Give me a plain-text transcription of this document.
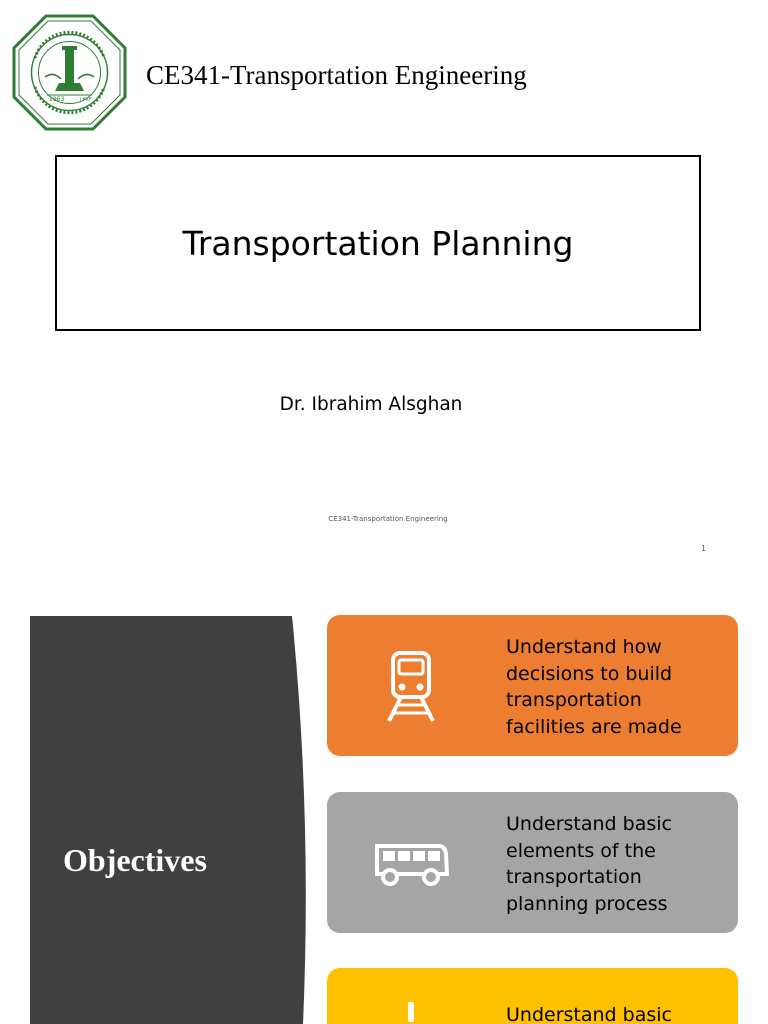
1963 ١٣٨٣
CE341-Transportation Engineering
Transportation Planning
Dr. Ibrahim Alsghan
CE341-Transportation Engineering
1
Objectives
Understand how decisions to build transportation facilities are made
Understand basic elements of the transportation planning process
Understand basic
